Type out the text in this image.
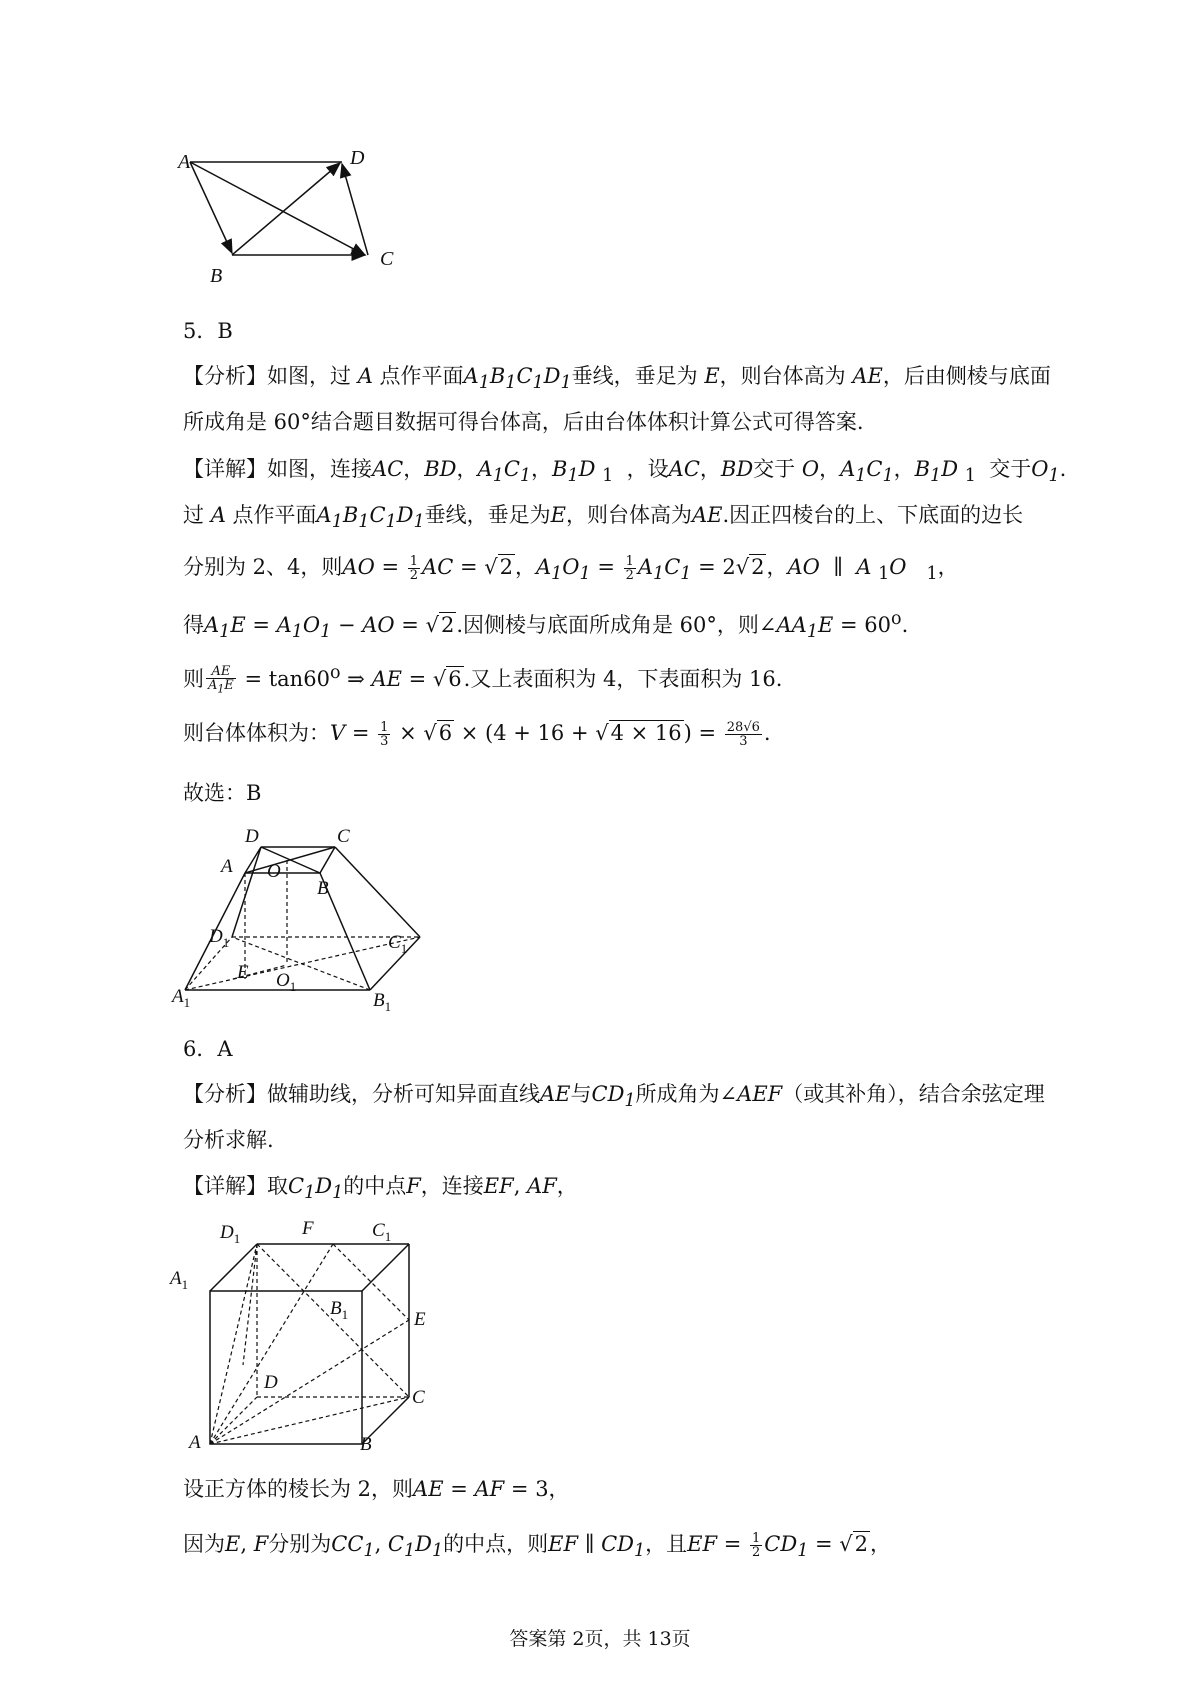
A	D
B
C
5．B
【分析】如图，过 A 点作平面$A_1B_1C_1D_1$垂线，垂足为 E，则台体高为 AE，后由侧棱与底面
所成角是 60°结合题目数据可得台体高，后由台体体积计算公式可得答案.
【详解】如图，连接AC，BD，$A_1C_1$，$B_1D$ $_1$ ，设AC，BD交于 O，$A_1C_1$，$B_1D$ $_1$ 交于$O_1$.
过 A 点作平面$A_1B_1C_1D_1$垂线，垂足为E，则台体高为AE.因正四棱台的上、下底面的边长
分别为 2、4，则AO = $\frac{1}{2}$ AC = √2，$A_1O_1 = \frac{1}{2} A_1C_1 = 2√2$，AO  ∥  A $_1$O $_1$，
得$A_1E = A_1O_1$ − AO = √2.因侧棱与底面所成角是 60°，则$\angle AA_1E = 60^o$.
则 $\frac{AE}{A_1E} = \tan 60^o$ ⇒ AE = √6.又上表面积为 4，下表面积为 16.
则台体体积为：$V = \frac{1}{3} \times √6 \times (4 + 16 + √4 \times 16) = \frac{28√6}{3}$ .
故选：B
D	C
A O
B
$D_1$	$C_1$
E $O_1$
$A_1$	$B_1$
6．A
【分析】做辅助线，分析可知异面直线AE与$CD_1$所成角为∠AEF（或其补角），结合余弦定理
分析求解.
【详解】取$C_1D_1$的中点F，连接EF, AF，
$D_1$	F	$C_1$
$A_1$
$B_1$	E
D
C
A	B
设正方体的棱长为 2，则AE = AF = 3，
因为E, F分别为$CC_1$, $C_1D_1$的中点，则EF ∥ $CD_1$，且EF = $\frac{1}{2} CD_1 = √2$，
答案第 2页，共 13页
